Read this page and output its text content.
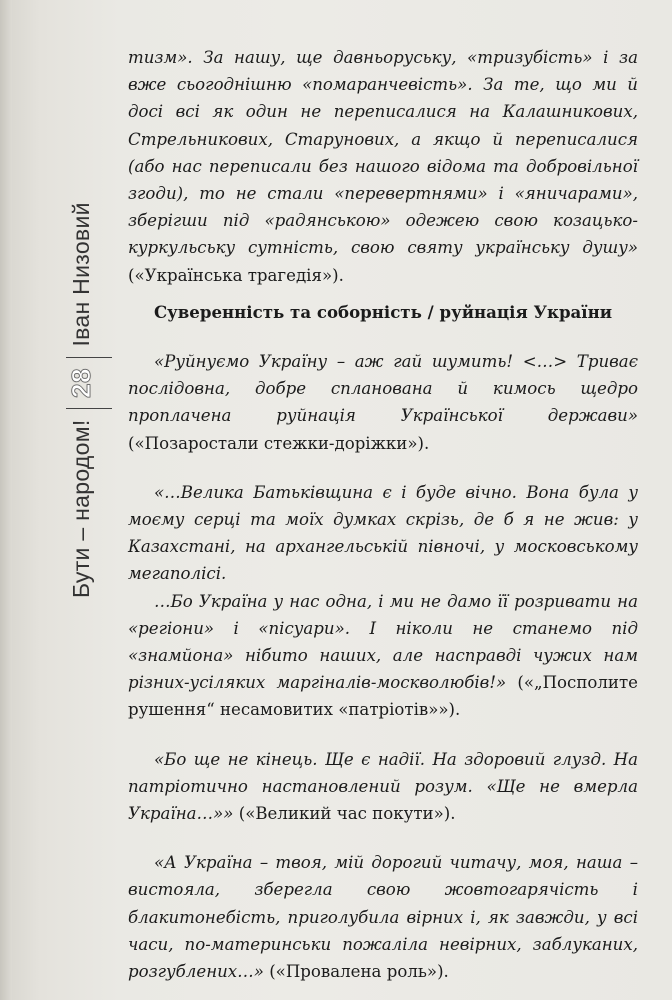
Бути – народом!
28
Іван Низовий

тизм». За нашу, ще давньоруську, «тризубість» і за вже сьогоднішню «помаранчевість». За те, що ми й досі всі як один не переписалися на Калашникових, Стрельникових, Старунових, а якщо й переписалися (або нас переписали без нашого відома та добровільної згоди), то не стали «перевертнями» і «яничарами», зберігши під «радянською» одежею свою козацько-куркульську сутність, свою святу українську душу» («Українська трагедія»).

Суверенність та соборність / руйнація України

«Руйнуємо Україну – аж гай шумить! <…> Триває послідовна, добре спланована й кимось щедро проплачена руйнація Української держави» («Позаростали стежки-доріжки»).

«…Велика Батьківщина є і буде вічно. Вона була у моєму серці та моїх думках скрізь, де б я не жив: у Казахстані, на архангельській півночі, у московському мегаполісі.

…Бо Україна у нас одна, і ми не дамо її розривати на «регіони» і «пісуари». І ніколи не станемо під «знамйона» нібито наших, але насправді чужих нам різних-усіляких маргіналів-москволюбів!» («„Посполите рушення“ несамовитих «патріотів»»).

«Бо ще не кінець. Ще є надії. На здоровий глузд. На патріотично настановлений розум. «Ще не вмерла Україна…»» («Великий час покути»).

«А Україна – твоя, мій дорогий читачу, моя, наша – вистояла, зберегла свою жовтогарячість і блакитонебість, приголубила вірних і, як завжди, у всі часи, по-материнськи пожаліла невірних, заблуканих, розгублених…» («Провалена роль»).
